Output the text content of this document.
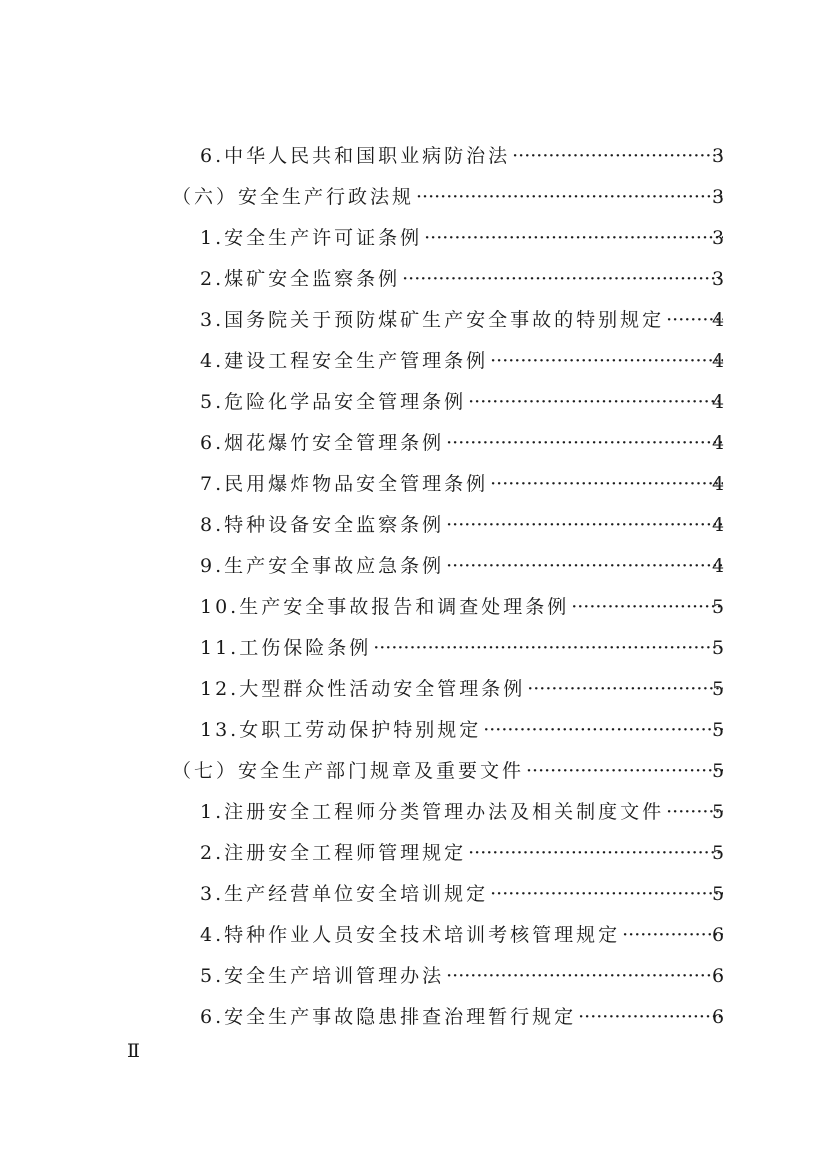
6.中华人民共和国职业病防治法 ·····	3
（六）安全生产行政法规 ·····	3
1.安全生产许可证条例 ·····	3
2.煤矿安全监察条例 ·····	3
3.国务院关于预防煤矿生产安全事故的特别规定 ·····	4
4.建设工程安全生产管理条例 ·····	4
5.危险化学品安全管理条例 ·····	4
6.烟花爆竹安全管理条例 ·····	4
7.民用爆炸物品安全管理条例 ·····	4
8.特种设备安全监察条例 ·····	4
9.生产安全事故应急条例 ·····	4
10.生产安全事故报告和调查处理条例 ·····	5
11.工伤保险条例 ·····	5
12.大型群众性活动安全管理条例 ·····	5
13.女职工劳动保护特别规定 ·····	5
（七）安全生产部门规章及重要文件 ·····	5
1.注册安全工程师分类管理办法及相关制度文件 ·····	5
2.注册安全工程师管理规定 ·····	5
3.生产经营单位安全培训规定 ·····	5
4.特种作业人员安全技术培训考核管理规定 ·····	6
5.安全生产培训管理办法 ·····	6
6.安全生产事故隐患排查治理暂行规定 ·····	6
Ⅱ
